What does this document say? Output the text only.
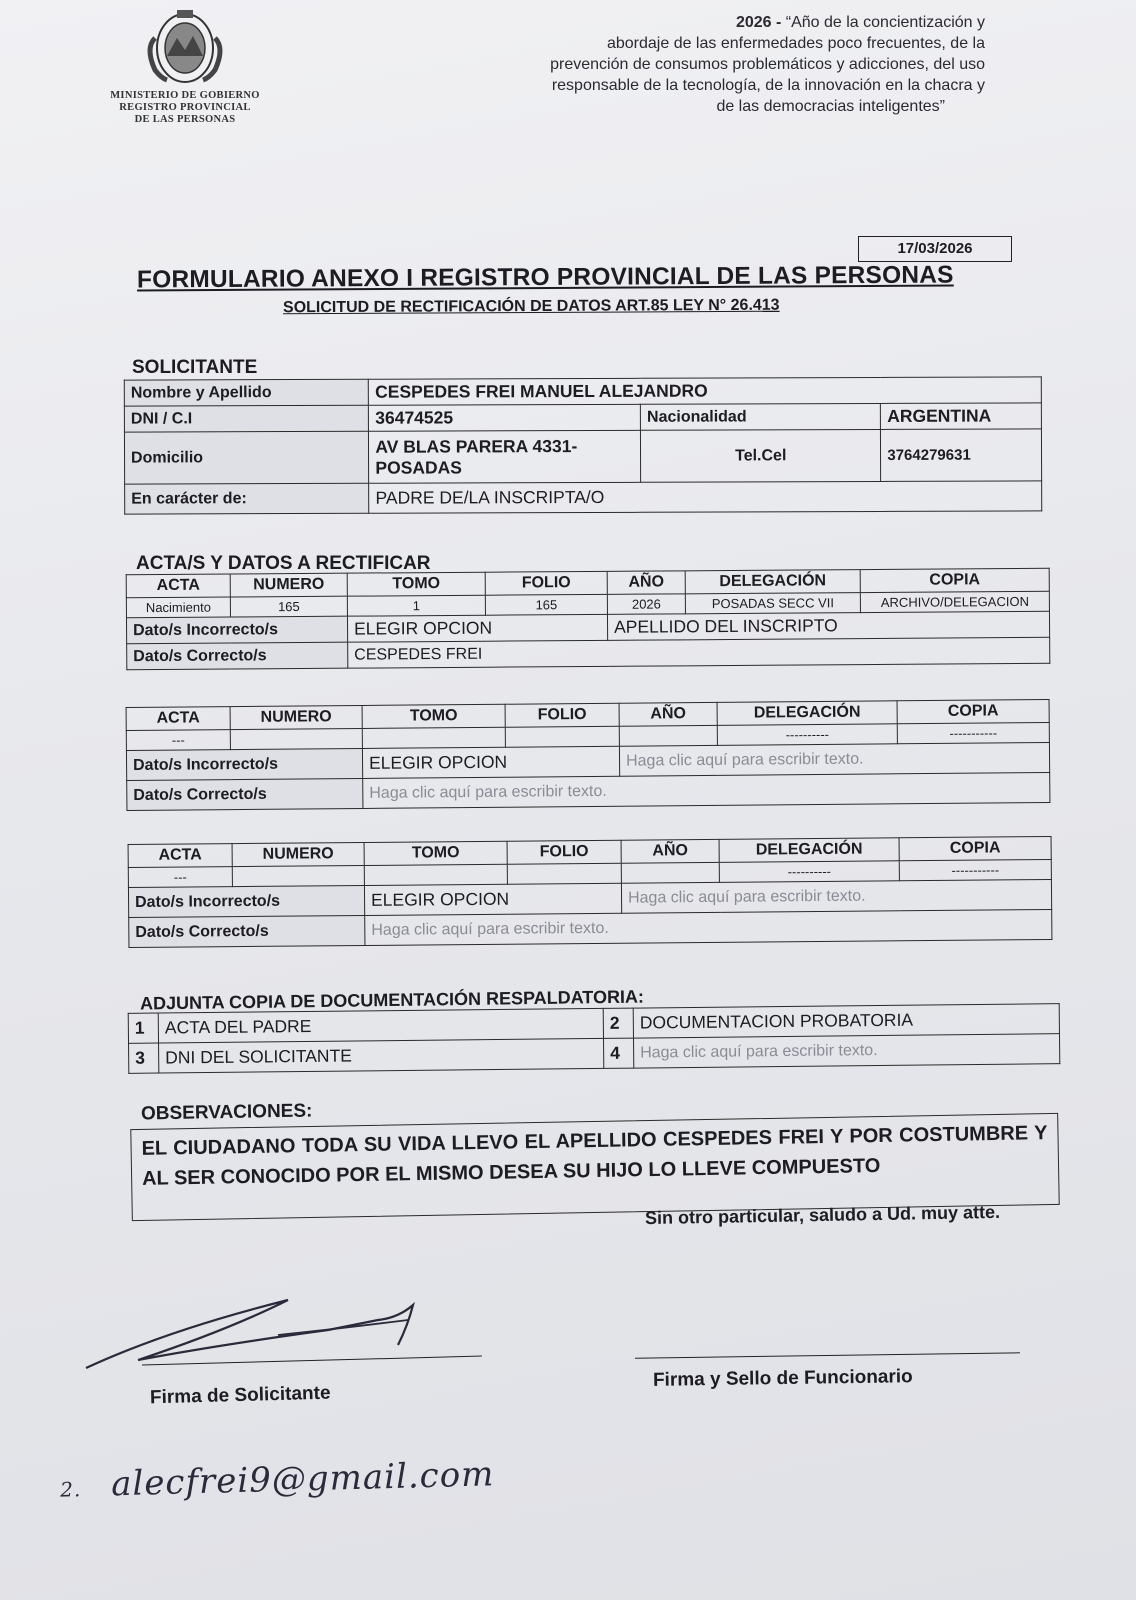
MINISTERIO DE GOBIERNO
REGISTRO PROVINCIAL
DE LAS PERSONAS
2026 - “Año de la concientización y
abordaje de las enfermedades poco frecuentes, de la
prevención de consumos problemáticos y adicciones, del uso
responsable de la tecnología, de la innovación en la chacra y
de las democracias inteligentes”
17/03/2026
FORMULARIO ANEXO I REGISTRO PROVINCIAL DE LAS PERSONAS
SOLICITUD DE RECTIFICACIÓN DE DATOS ART.85 LEY N° 26.413
SOLICITANTE
Nombre y Apellido	CESPEDES FREI MANUEL ALEJANDRO		
DNI / C.I	36474525	Nacionalidad	ARGENTINA
Domicilio	AV BLAS PARERA 4331-
POSADAS	Tel.Cel	3764279631
En carácter de:	PADRE DE/LA INSCRIPTA/O		
ACTA/S Y DATOS A RECTIFICAR
ACTA	NUMERO	TOMO	FOLIO	AÑO	DELEGACIÓN	COPIA
Nacimiento	165	1	165	2026	POSADAS SECC VII	ARCHIVO/DELEGACION
Dato/s Incorrecto/s		ELEGIR OPCION		APELLIDO DEL INSCRIPTO		
Dato/s Correcto/s		CESPEDES FREI				
ACTA	NUMERO	TOMO	FOLIO	AÑO	DELEGACIÓN	COPIA
---					----------	-----------
Dato/s Incorrecto/s		ELEGIR OPCION		Haga clic aquí para escribir texto.		
Dato/s Correcto/s		Haga clic aquí para escribir texto.				
ACTA	NUMERO	TOMO	FOLIO	AÑO	DELEGACIÓN	COPIA
---					----------	-----------
Dato/s Incorrecto/s		ELEGIR OPCION		Haga clic aquí para escribir texto.		
Dato/s Correcto/s		Haga clic aquí para escribir texto.				
ADJUNTA COPIA DE DOCUMENTACIÓN RESPALDATORIA:
1	ACTA DEL PADRE	2	DOCUMENTACION PROBATORIA
3	DNI DEL SOLICITANTE	4	Haga clic aquí para escribir texto.
OBSERVACIONES:
EL CIUDADANO TODA SU VIDA LLEVO EL APELLIDO CESPEDES FREI Y POR COSTUMBRE Y AL SER CONOCIDO POR EL MISMO DESEA SU HIJO LO LLEVE COMPUESTO
Sin otro particular, saludo a Ud. muy atte.
Firma de Solicitante
Firma y Sello de Funcionario
2. alecfrei9@gmail.com
